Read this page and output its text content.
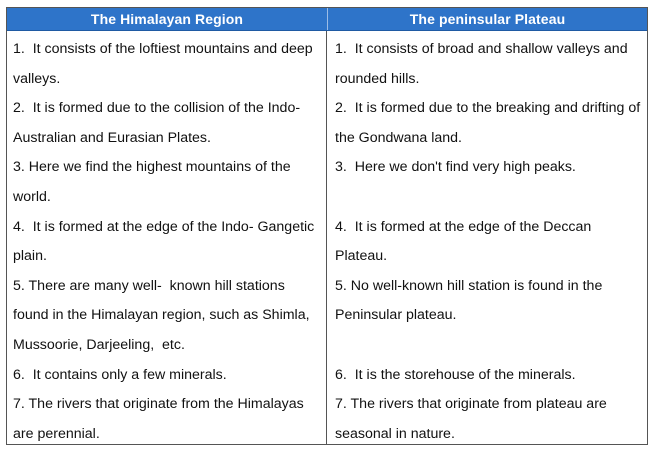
The Himalayan Region	The peninsular Plateau

1.  It consists of the loftiest mountains and deep valleys.

2.  It is formed due to the collision of the Indo-Australian and Eurasian Plates.

3. Here we find the highest mountains of the world.

4.  It is formed at the edge of the Indo- Gangetic plain.

5. There are many well-  known hill stations found in the Himalayan region, such as Shimla, Mussoorie, Darjeeling,  etc.

6.  It contains only a few minerals.

7. The rivers that originate from the Himalayas are perennial.

1.  It consists of broad and shallow valleys and rounded hills.

2.  It is formed due to the breaking and drifting of the Gondwana land.

3.  Here we don't find very high peaks.

4.  It is formed at the edge of the Deccan Plateau.

5. No well-known hill station is found in the Peninsular plateau.

6.  It is the storehouse of the minerals.

7. The rivers that originate from plateau are seasonal in nature.
